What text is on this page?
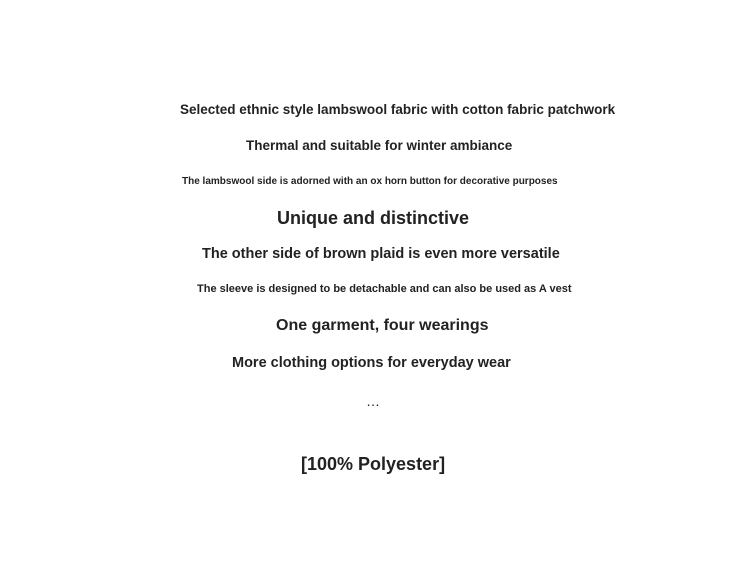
Selected ethnic style lambswool fabric with cotton fabric patchwork
Thermal and suitable for winter ambiance
The lambswool side is adorned with an ox horn button for decorative purposes
Unique and distinctive
The other side of brown plaid is even more versatile
The sleeve is designed to be detachable and can also be used as A vest
One garment, four wearings
More clothing options for everyday wear
…
[100% Polyester]
